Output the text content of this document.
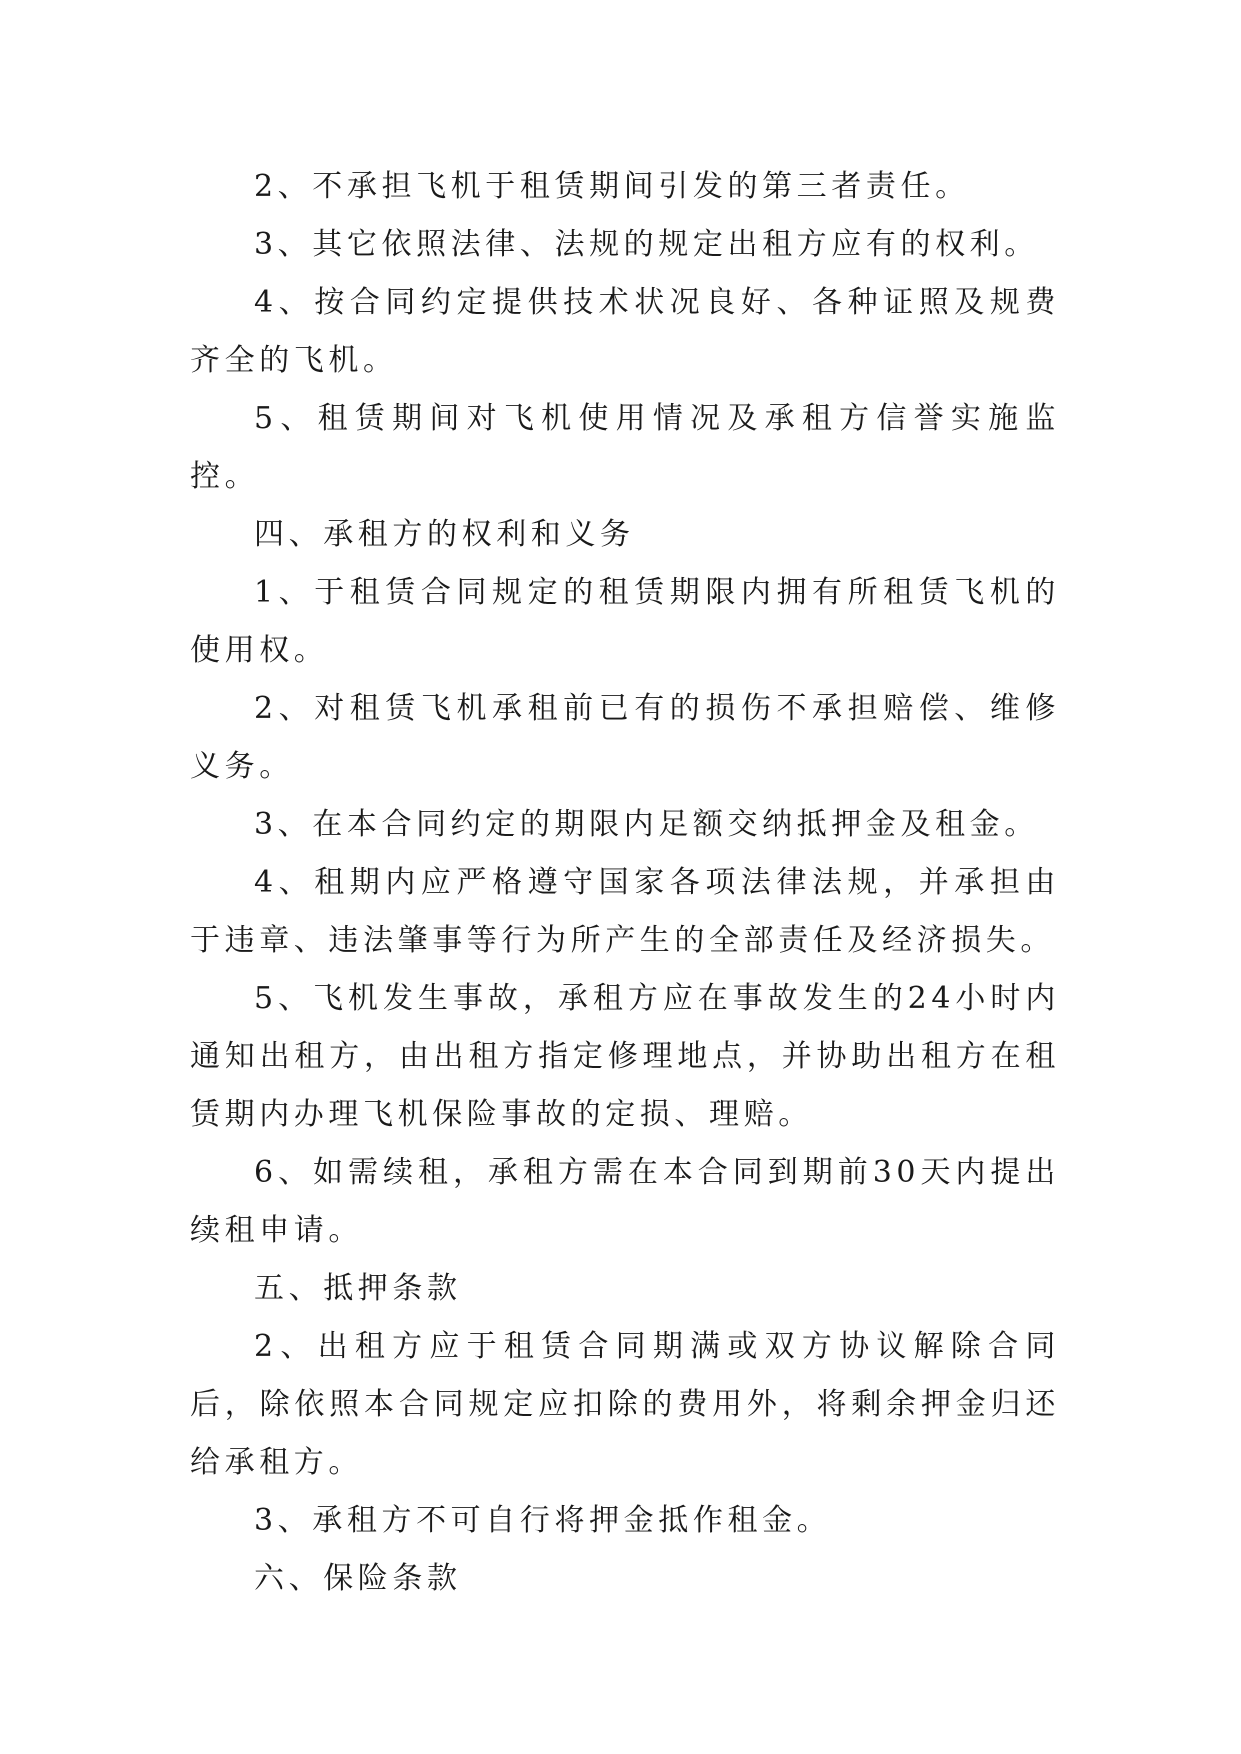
2、不承担飞机于租赁期间引发的第三者责任。

3、其它依照法律、法规的规定出租方应有的权利。

4、按合同约定提供技术状况良好、各种证照及规费齐全的飞机。

5、租赁期间对飞机使用情况及承租方信誉实施监控。

四、承租方的权利和义务

1、于租赁合同规定的租赁期限内拥有所租赁飞机的使用权。

2、对租赁飞机承租前已有的损伤不承担赔偿、维修义务。

3、在本合同约定的期限内足额交纳抵押金及租金。

4、租期内应严格遵守国家各项法律法规，并承担由于违章、违法肇事等行为所产生的全部责任及经济损失。

5、飞机发生事故，承租方应在事故发生的24小时内通知出租方，由出租方指定修理地点，并协助出租方在租赁期内办理飞机保险事故的定损、理赔。

6、如需续租，承租方需在本合同到期前30天内提出续租申请。

五、抵押条款

2、出租方应于租赁合同期满或双方协议解除合同后，除依照本合同规定应扣除的费用外，将剩余押金归还给承租方。

3、承租方不可自行将押金抵作租金。

六、保险条款
